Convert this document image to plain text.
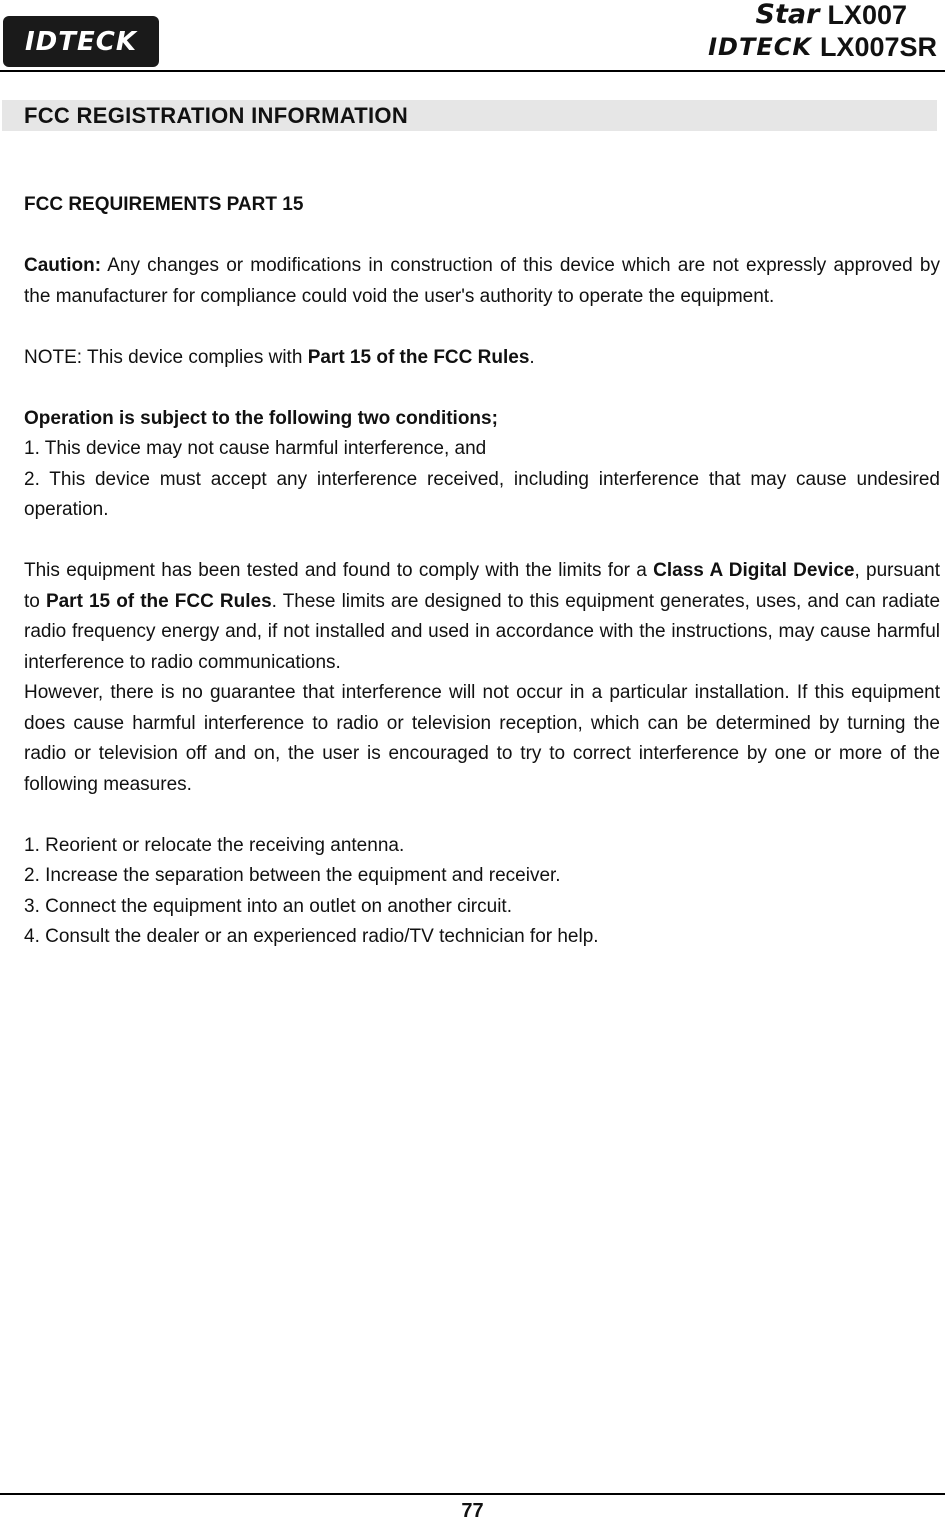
IDTECK
Star LX007
IDTECK LX007SR
FCC REGISTRATION INFORMATION

FCC REQUIREMENTS PART 15

Caution: Any changes or modifications in construction of this device which are not expressly approved by the manufacturer for compliance could void the user's authority to operate the equipment.

NOTE: This device complies with Part 15 of the FCC Rules.

Operation is subject to the following two conditions;

1. This device may not cause harmful interference, and

2. This device must accept any interference received, including interference that may cause undesired operation.

This equipment has been tested and found to comply with the limits for a Class A Digital Device, pursuant to Part 15 of the FCC Rules. These limits are designed to this equipment generates, uses, and can radiate radio frequency energy and, if not installed and used in accordance with the instructions, may cause harmful interference to radio communications.

However, there is no guarantee that interference will not occur in a particular installation. If this equipment does cause harmful interference to radio or television reception, which can be determined by turning the radio or television off and on, the user is encouraged to try to correct interference by one or more of the following measures.

1. Reorient or relocate the receiving antenna.

2. Increase the separation between the equipment and receiver.

3. Connect the equipment into an outlet on another circuit.

4. Consult the dealer or an experienced radio/TV technician for help.

77
